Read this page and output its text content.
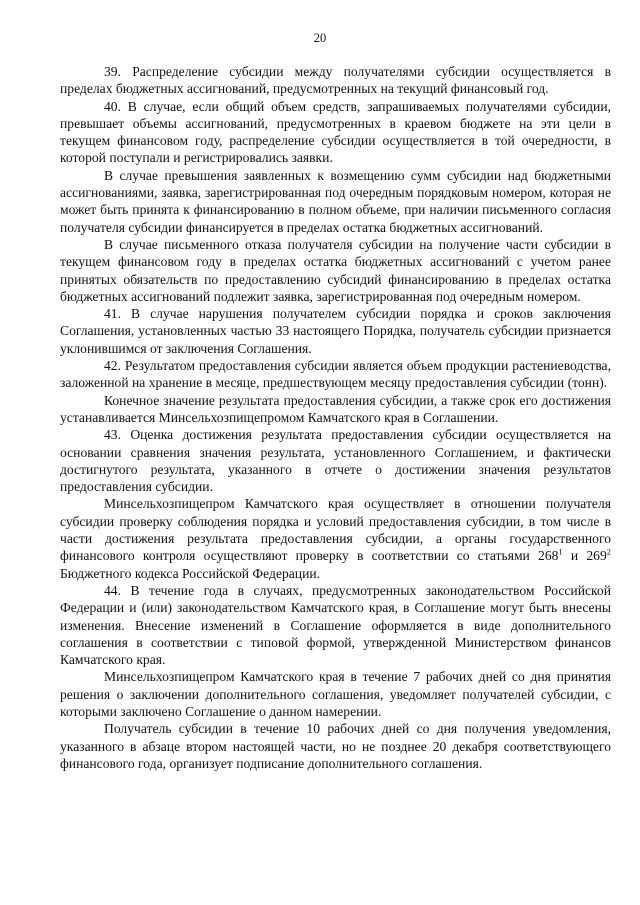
20

39. Распределение субсидии между получателями субсидии осуществляется в пределах бюджетных ассигнований, предусмотренных на текущий финансовый год.

40. В случае, если общий объем средств, запрашиваемых получателями субсидии, превышает объемы ассигнований, предусмотренных в краевом бюджете на эти цели в текущем финансовом году, распределение субсидии осуществляется в той очередности, в которой поступали и регистрировались заявки.

В случае превышения заявленных к возмещению сумм субсидии над бюджетными ассигнованиями, заявка, зарегистрированная под очередным порядковым номером, которая не может быть принята к финансированию в полном объеме, при наличии письменного согласия получателя субсидии финансируется в пределах остатка бюджетных ассигнований.

В случае письменного отказа получателя субсидии на получение части субсидии в текущем финансовом году в пределах остатка бюджетных ассигнований с учетом ранее принятых обязательств по предоставлению субсидий финансированию в пределах остатка бюджетных ассигнований подлежит заявка, зарегистрированная под очередным номером.

41. В случае нарушения получателем субсидии порядка и сроков заключения Соглашения, установленных частью 33 настоящего Порядка, получатель субсидии признается уклонившимся от заключения Соглашения.

42. Результатом предоставления субсидии является объем продукции растениеводства, заложенной на хранение в месяце, предшествующем месяцу предоставления субсидии (тонн).

Конечное значение результата предоставления субсидии, а также срок его достижения устанавливается Минсельхозпищепромом Камчатского края в Соглашении.

43. Оценка достижения результата предоставления субсидии осуществляется на основании сравнения значения результата, установленного Соглашением, и фактически достигнутого результата, указанного в отчете о достижении значения результатов предоставления субсидии.

Минсельхозпищепром Камчатского края осуществляет в отношении получателя субсидии проверку соблюдения порядка и условий предоставления субсидии, в том числе в части достижения результата предоставления субсидии, а органы государственного финансового контроля осуществляют проверку в соответствии со статьями $268^1$ и $269^2$ Бюджетного кодекса Российской Федерации.

44. В течение года в случаях, предусмотренных законодательством Российской Федерации и (или) законодательством Камчатского края, в Соглашение могут быть внесены изменения. Внесение изменений в Соглашение оформляется в виде дополнительного соглашения в соответствии с типовой формой, утвержденной Министерством финансов Камчатского края.

Минсельхозпищепром Камчатского края в течение 7 рабочих дней со дня принятия решения о заключении дополнительного соглашения, уведомляет получателей субсидии, с которыми заключено Соглашение о данном намерении.

Получатель субсидии в течение 10 рабочих дней со дня получения уведомления, указанного в абзаце втором настоящей части, но не позднее 20 декабря соответствующего финансового года, организует подписание дополнительного соглашения.
